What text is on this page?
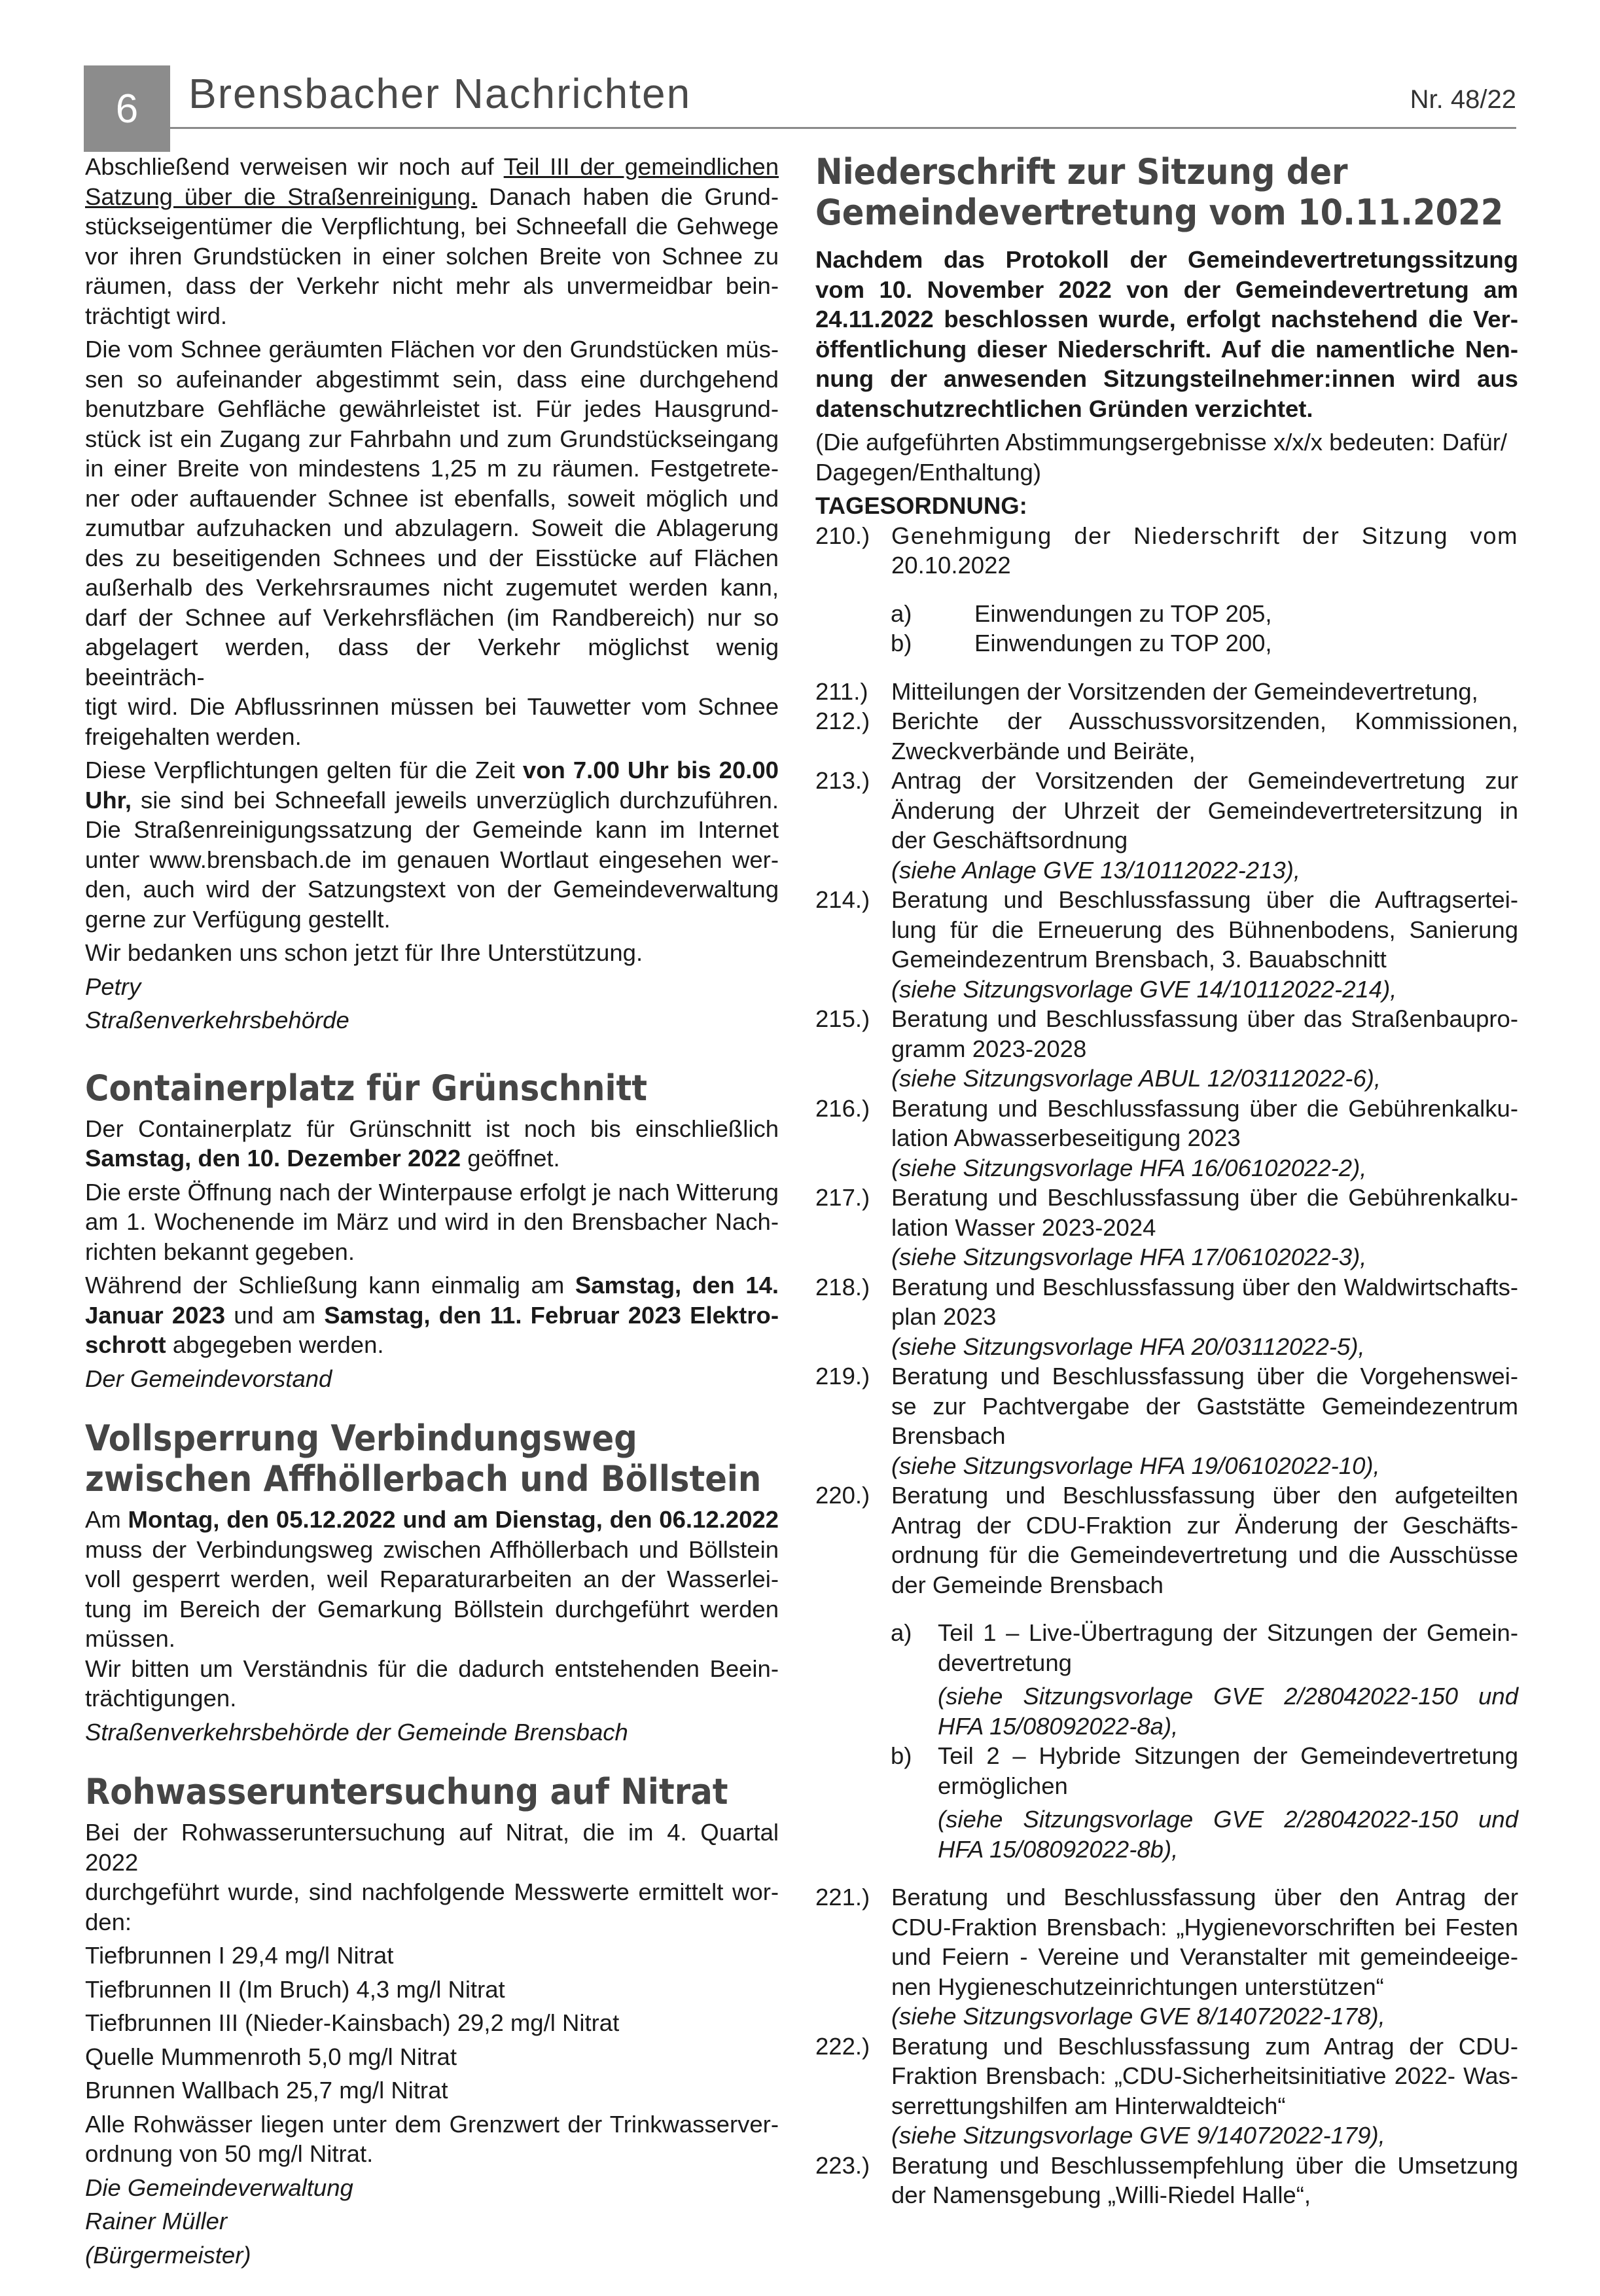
6	Brensbacher Nachrichten	Nr. 48/22

Abschließend verweisen wir noch auf Teil III der gemeindlichen

Satzung über die Straßenreinigung. Danach haben die Grund-

stückseigentümer die Verpflichtung, bei Schneefall die Gehwege

vor ihren Grundstücken in einer solchen Breite von Schnee zu

räumen, dass der Verkehr nicht mehr als unvermeidbar bein-

trächtigt wird.

Die vom Schnee geräumten Flächen vor den Grundstücken müs-

sen so aufeinander abgestimmt sein, dass eine durchgehend

benutzbare Gehfläche gewährleistet ist. Für jedes Hausgrund-

stück ist ein Zugang zur Fahrbahn und zum Grundstückseingang

in einer Breite von mindestens 1,25 m zu räumen. Festgetrete-

ner oder auftauender Schnee ist ebenfalls, soweit möglich und

zumutbar aufzuhacken und abzulagern. Soweit die Ablagerung

des zu beseitigenden Schnees und der Eisstücke auf Flächen

außerhalb des Verkehrsraumes nicht zugemutet werden kann,

darf der Schnee auf Verkehrsflächen (im Randbereich) nur so

abgelagert werden, dass der Verkehr möglichst wenig beeinträch-

tigt wird. Die Abflussrinnen müssen bei Tauwetter vom Schnee

freigehalten werden.

Diese Verpflichtungen gelten für die Zeit von 7.00 Uhr bis 20.00

Uhr, sie sind bei Schneefall jeweils unverzüglich durchzuführen.

Die Straßenreinigungssatzung der Gemeinde kann im Internet

unter www.brensbach.de im genauen Wortlaut eingesehen wer-

den, auch wird der Satzungstext von der Gemeindeverwaltung

gerne zur Verfügung gestellt.

Wir bedanken uns schon jetzt für Ihre Unterstützung.

Petry

Straßenverkehrsbehörde

Containerplatz für Grünschnitt

Der Containerplatz für Grünschnitt ist noch bis einschließlich

Samstag, den 10. Dezember 2022 geöffnet.

Die erste Öffnung nach der Winterpause erfolgt je nach Witterung

am 1. Wochenende im März und wird in den Brensbacher Nach-

richten bekannt gegeben.

Während der Schließung kann einmalig am Samstag, den 14.

Januar 2023 und am Samstag, den 11. Februar 2023 Elektro-

schrott abgegeben werden.

Der Gemeindevorstand

Vollsperrung Verbindungsweg
zwischen Affhöllerbach und Böllstein

Am Montag, den 05.12.2022 und am Dienstag, den 06.12.2022

muss der Verbindungsweg zwischen Affhöllerbach und Böllstein

voll gesperrt werden, weil Reparaturarbeiten an der Wasserlei-

tung im Bereich der Gemarkung Böllstein durchgeführt werden

müssen.

Wir bitten um Verständnis für die dadurch entstehenden Beein-

trächtigungen.

Straßenverkehrsbehörde der Gemeinde Brensbach

Rohwasseruntersuchung auf Nitrat

Bei der Rohwasseruntersuchung auf Nitrat, die im 4. Quartal 2022

durchgeführt wurde, sind nachfolgende Messwerte ermittelt wor-

den:

Tiefbrunnen I 29,4 mg/l Nitrat

Tiefbrunnen II (Im Bruch) 4,3 mg/l Nitrat

Tiefbrunnen III (Nieder-Kainsbach) 29,2 mg/l Nitrat

Quelle Mummenroth 5,0 mg/l Nitrat

Brunnen Wallbach 25,7 mg/l Nitrat

Alle Rohwässer liegen unter dem Grenzwert der Trinkwasserver-

ordnung von 50 mg/l Nitrat.

Die Gemeindeverwaltung

Rainer Müller

(Bürgermeister)

Niederschrift zur Sitzung der
Gemeindevertretung vom 10.11.2022

Nachdem das Protokoll der Gemeindevertretungssitzung

vom 10. November 2022 von der Gemeindevertretung am

24.11.2022 beschlossen wurde, erfolgt nachstehend die Ver-

öffentlichung dieser Niederschrift. Auf die namentliche Nen-

nung der anwesenden Sitzungsteilnehmer:innen wird aus

datenschutzrechtlichen Gründen verzichtet.

(Die aufgeführten Abstimmungsergebnisse x/x/x bedeuten: Dafür/

Dagegen/Enthaltung)

TAGESORDNUNG:

210.) Genehmigung der Niederschrift der Sitzung vom

20.10.2022

a)	Einwendungen zu TOP 205,
b)	Einwendungen zu TOP 200,
211.) Mitteilungen der Vorsitzenden der Gemeindevertretung,

212.) Berichte der Ausschussvorsitzenden, Kommissionen,

Zweckverbände und Beiräte,

213.) Antrag der Vorsitzenden der Gemeindevertretung zur

Änderung der Uhrzeit der Gemeindevertretersitzung in

der Geschäftsordnung

(siehe Anlage GVE 13/10112022-213),

214.) Beratung und Beschlussfassung über die Auftragsertei-

lung für die Erneuerung des Bühnenbodens, Sanierung

Gemeindezentrum Brensbach, 3. Bauabschnitt

(siehe Sitzungsvorlage GVE 14/10112022-214),

215.) Beratung und Beschlussfassung über das Straßenbaupro-

gramm 2023-2028

(siehe Sitzungsvorlage ABUL 12/03112022-6),

216.) Beratung und Beschlussfassung über die Gebührenkalku-

lation Abwasserbeseitigung 2023

(siehe Sitzungsvorlage HFA 16/06102022-2),

217.) Beratung und Beschlussfassung über die Gebührenkalku-

lation Wasser 2023-2024

(siehe Sitzungsvorlage HFA 17/06102022-3),

218.) Beratung und Beschlussfassung über den Waldwirtschafts-

plan 2023

(siehe Sitzungsvorlage HFA 20/03112022-5),

219.) Beratung und Beschlussfassung über die Vorgehenswei-

se zur Pachtvergabe der Gaststätte Gemeindezentrum

Brensbach

(siehe Sitzungsvorlage HFA 19/06102022-10),

220.) Beratung und Beschlussfassung über den aufgeteilten

Antrag der CDU-Fraktion zur Änderung der Geschäfts-

ordnung für die Gemeindevertretung und die Ausschüsse

der Gemeinde Brensbach

a)	Teil 1 – Live-Übertragung der Sitzungen der Gemein-

devertretung

(siehe Sitzungsvorlage GVE 2/28042022-150 und

HFA 15/08092022-8a),

b)	Teil 2 – Hybride Sitzungen der Gemeindevertretung

ermöglichen

(siehe Sitzungsvorlage GVE 2/28042022-150 und

HFA 15/08092022-8b),

221.) Beratung und Beschlussfassung über den Antrag der

CDU-Fraktion Brensbach: „Hygienevorschriften bei Festen

und Feiern - Vereine und Veranstalter mit gemeindeeige-

nen Hygieneschutzeinrichtungen unterstützen“

(siehe Sitzungsvorlage GVE 8/14072022-178),

222.) Beratung und Beschlussfassung zum Antrag der CDU-

Fraktion Brensbach: „CDU-Sicherheitsinitiative 2022- Was-

serrettungshilfen am Hinterwaldteich“

(siehe Sitzungsvorlage GVE 9/14072022-179),

223.) Beratung und Beschlussempfehlung über die Umsetzung

der Namensgebung „Willi-Riedel Halle“,
